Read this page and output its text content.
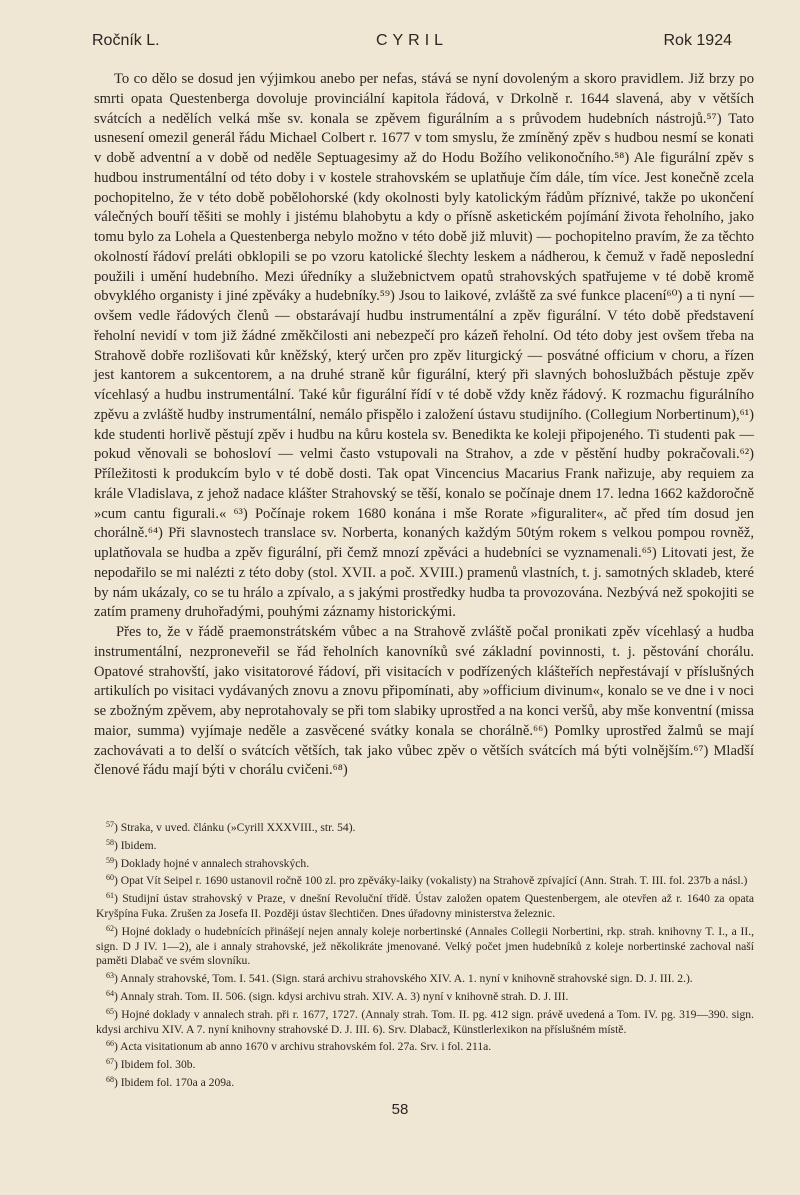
Ročník L.	CYRIL	Rok 1924

To co dělo se dosud jen výjimkou anebo per nefas, stává se nyní dovoleným a skoro pravidlem. Již brzy po smrti opata Questenberga dovoluje provinciální kapitola řádová, v Drkolně r. 1644 slavená, aby v větších svátcích a nedělích velká mše sv. konala se zpěvem figurálním a s průvodem hudebních nástrojů.⁵⁷) Tato usnesení omezil generál řádu Michael Colbert r. 1677 v tom smyslu, že zmíněný zpěv s hudbou nesmí se konati v době adventní a v době od neděle Septuagesimy až do Hodu Božího velikonočního.⁵⁸) Ale figurální zpěv s hudbou instrumentální od této doby i v kostele strahovském se uplatňuje čím dále, tím více. Jest konečně zcela pochopitelno, že v této době pobělohorské (kdy okolnosti byly katolickým řádům příznivé, takže po ukončení válečných bouří těšiti se mohly i jistému blahobytu a kdy o přísně asketickém pojímání života řeholního, jako tomu bylo za Lohela a Questenberga nebylo možno v této době již mluvit) — pochopitelno pravím, že za těchto okolností řádoví preláti obklopili se po vzoru katolické šlechty leskem a nádherou, k čemuž v řadě neposlední použili i umění hudebního. Mezi úředníky a služebnictvem opatů strahovských spatřujeme v té době kromě obvyklého organisty i jiné zpěváky a hudebníky.⁵⁹) Jsou to laikové, zvláště za své funkce placení⁶⁰) a ti nyní — ovšem vedle řádových členů — obstarávají hudbu instrumentální a zpěv figurální. V této době představení řeholní nevidí v tom již žádné změkčilosti ani nebezpečí pro kázeň řeholní. Od této doby jest ovšem třeba na Strahově dobře rozlišovati kůr kněžský, který určen pro zpěv liturgický — posvátné officium v choru, a řízen jest kantorem a sukcentorem, a na druhé straně kůr figurální, který při slavných bohoslužbách pěstuje zpěv vícehlasý a hudbu instrumentální. Také kůr figurální řídí v té době vždy kněz řádový. K rozmachu figurálního zpěvu a zvláště hudby instrumentální, nemálo přispělo i založení ústavu studijního. (Collegium Norbertinum),⁶¹) kde studenti horlivě pěstují zpěv i hudbu na kůru kostela sv. Benedikta ke koleji připojeného. Ti studenti pak — pokud věnovali se bohosloví — velmi často vstupovali na Strahov, a zde v pěstění hudby pokračovali.⁶²) Příležitosti k produkcím bylo v té době dosti. Tak opat Vincencius Macarius Frank nařizuje, aby requiem za krále Vladislava, z jehož nadace klášter Strahovský se těší, konalo se počínaje dnem 17. ledna 1662 každoročně »cum cantu figurali.« ⁶³) Počínaje rokem 1680 konána i mše Rorate »figuraliter«, ač před tím dosud jen chorálně.⁶⁴) Při slavnostech translace sv. Norberta, konaných každým 50tým rokem s velkou pompou rovněž, uplatňovala se hudba a zpěv figurální, při čemž mnozí zpěváci a hudebníci se vyznamenali.⁶⁵) Litovati jest, že nepodařilo se mi nalézti z této doby (stol. XVII. a poč. XVIII.) pramenů vlastních, t. j. samotných skladeb, které by nám ukázaly, co se tu hrálo a zpívalo, a s jakými prostředky hudba ta provozována. Nezbývá než spokojiti se zatím prameny druhořadými, pouhými záznamy historickými.

Přes to, že v řádě praemonstrátském vůbec a na Strahově zvláště počal pronikati zpěv vícehlasý a hudba instrumentální, nezproneveřil se řád řeholních kanovníků své základní povinnosti, t. j. pěstování chorálu. Opatové strahovští, jako visitatorové řádoví, při visitacích v podřízených klášteřích nepřestávají v příslušných artikulích po visitaci vydávaných znovu a znovu připomínati, aby »officium divinum«, konalo se ve dne i v noci se zbožným zpěvem, aby neprotahovaly se při tom slabiky uprostřed a na konci veršů, aby mše konventní (missa maior, summa) vyjímaje neděle a zasvěcené svátky konala se chorálně.⁶⁶) Pomlky uprostřed žalmů se mají zachovávati a to delší o svátcích větších, tak jako vůbec zpěv o větších svátcích má býti volnějším.⁶⁷) Mladší členové řádu mají býti v chorálu cvičeni.⁶⁸)

$^{57}$) Straka, v uved. článku (»Cyrill XXXVIII., str. 54).

$^{58}$) Ibidem.

$^{59}$) Doklady hojné v annalech strahovských.

$^{60}$) Opat Vít Seipel r. 1690 ustanovil ročně 100 zl. pro zpěváky-laiky (vokalisty) na Strahově zpívající (Ann. Strah. T. III. fol. 237b a násl.)

$^{61}$) Studijní ústav strahovský v Praze, v dnešní Revoluční třídě. Ústav založen opatem Questenbergem, ale otevřen až r. 1640 za opata Kryšpína Fuka. Zrušen za Josefa II. Později ústav šlechtičen. Dnes úřadovny ministerstva železnic.

$^{62}$) Hojné doklady o hudebnících přinášejí nejen annaly koleje norbertinské (Annales Collegii Norbertini, rkp. strah. knihovny T. I., a II., sign. D J IV. 1—2), ale i annaly strahovské, jež několikráte jmenované. Velký počet jmen hudebníků z koleje norbertinské zachoval naší paměti Dlabač ve svém slovníku.

$^{63}$) Annaly strahovské, Tom. I. 541. (Sign. stará archivu strahovského XIV. A. 1. nyní v knihovně strahovské sign. D. J. III. 2.).

$^{64}$) Annaly strah. Tom. II. 506. (sign. kdysi archivu strah. XIV. A. 3) nyní v knihovně strah. D. J. III.

$^{65}$) Hojné doklady v annalech strah. při r. 1677, 1727. (Annaly strah. Tom. II. pg. 412 sign. právě uvedená a Tom. IV. pg. 319—390. sign. kdysi archivu XIV. A 7. nyní knihovny strahovské D. J. III. 6). Srv. Dlabacž, Künstlerlexikon na příslušném místě.

$^{66}$) Acta visitationum ab anno 1670 v archivu strahovském fol. 27a. Srv. i fol. 211a.

$^{67}$) Ibidem fol. 30b.

$^{68}$) Ibidem fol. 170a a 209a.

58
